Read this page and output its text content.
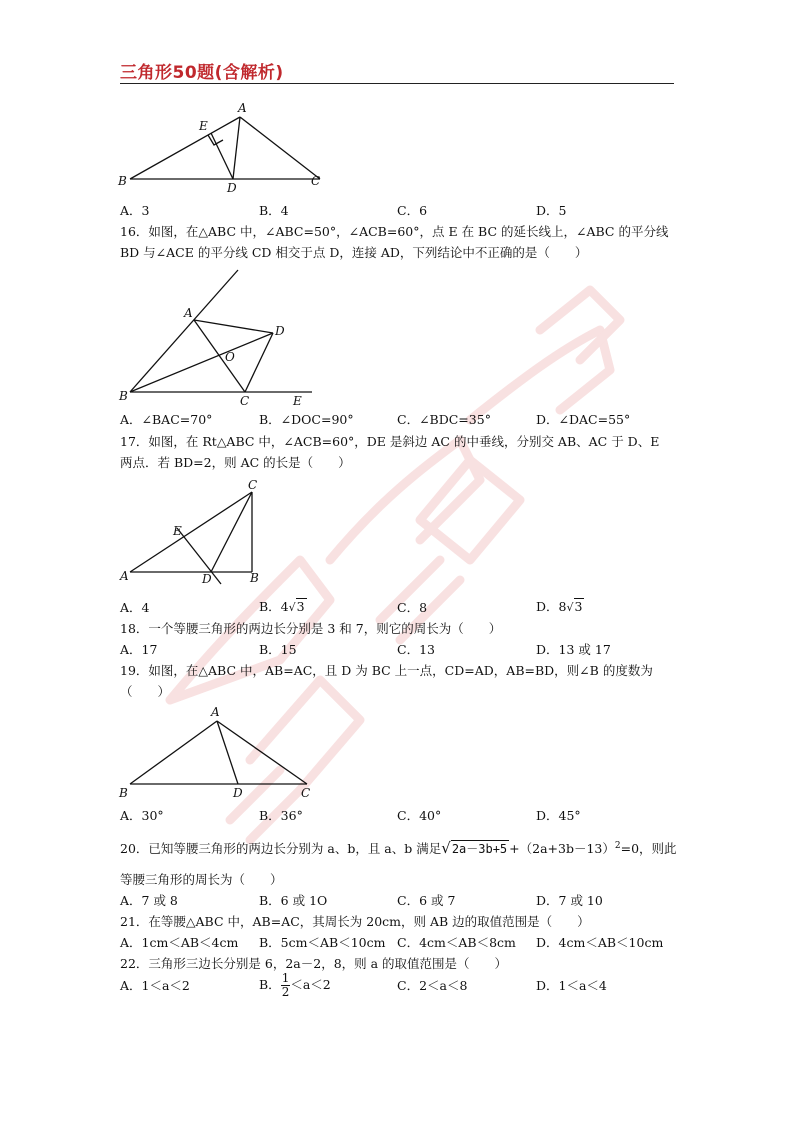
三角形50题(含解析)
A
B	C
D
E
A．3	B．4	C．6	D．5
16．如图，在△ABC 中，∠ABC=50°，∠ACB=60°，点 E 在 BC 的延长线上，∠ABC 的平分线
BD 与∠ACE 的平分线 CD 相交于点 D，连接 AD，下列结论中不正确的是（　　）
A
B	C
D
E
O
A．∠BAC=70°	B．∠DOC=90°	C．∠BDC=35°	D．∠DAC=55°
17．如图，在 Rt△ABC 中，∠ACB=60°，DE 是斜边 AC 的中垂线，分别交 AB、AC 于 D、E
两点．若 BD=2，则 AC 的长是（　　）
A	B
C
D
E
A．4	B．4√3	C．8	D．8√3
18．一个等腰三角形的两边长分别是 3 和 7，则它的周长为（　　）
A．17	B．15	C．13	D．13 或 17
19．如图，在△ABC 中，AB=AC，且 D 为 BC 上一点，CD=AD，AB=BD，则∠B 的度数为
（　　）
A
B	C
D
A．30°	B．36°	C．40°	D．45°
20．已知等腰三角形的两边长分别为 a、b，且 a、b 满足$√2a-3b+5 +(2a+3b-13)^2=0$，则此
等腰三角形的周长为（　　）
A．7 或 8	B．6 或 1O	C．6 或 7	D．7 或 10
21．在等腰△ABC 中，AB=AC，其周长为 20cm，则 AB 边的取值范围是（　　）
A．1cm＜AB＜4cm B．5cm＜AB＜10cm C．4cm＜AB＜8cm D．4cm＜AB＜10cm
22．三角形三边长分别是 6，2a－2，8，则 a 的取值范围是（　　）
A．1＜a＜2	B． $\frac{1}{2} <a<2$	C．2＜a＜8	D．1＜a＜4
